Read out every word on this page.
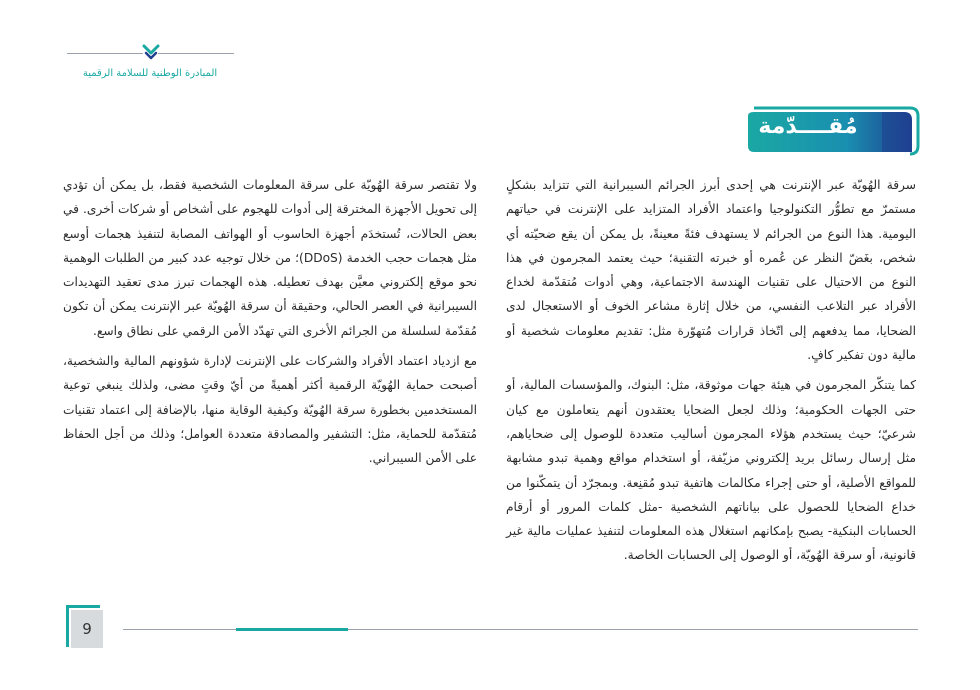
المبادرة الوطنية للسلامة الرقمية
مُقــــدّمة

سرقة الهُويّة عبر الإنترنت هي إحدى أبرز الجرائم السيبرانية التي تتزايد بشكلٍ مستمرّ مع تطوُّر التكنولوجيا واعتماد الأفراد المتزايد على الإنترنت في حياتهم اليومية. هذا النوع من الجرائم لا يستهدف فئةً معينةً، بل يمكن أن يقع ضحيّته أي شخص، بغَضّ النظر عن عُمره أو خبرته التقنية؛ حيث يعتمد المجرمون في هذا النوع من الاحتيال على تقنيات الهندسة الاجتماعية، وهي أدوات مُتقدّمة لخداع الأفراد عبر التلاعب النفسي، من خلال إثارة مشاعر الخوف أو الاستعجال لدى الضحايا، مما يدفعهم إلى اتّخاذ قرارات مُتهوّرة مثل: تقديم معلومات شخصية أو مالية دون تفكير كافٍ.

كما يتنكّر المجرمون في هيئة جهات موثوقة، مثل: البنوك، والمؤسسات المالية، أو حتى الجهات الحكومية؛ وذلك لجعل الضحايا يعتقدون أنهم يتعاملون مع كيان شرعيّ؛ حيث يستخدم هؤلاء المجرمون أساليب متعددة للوصول إلى ضحاياهم، مثل إرسال رسائل بريد إلكتروني مزيّفة، أو استخدام مواقع وهمية تبدو مشابهة للمواقع الأصلية، أو حتى إجراء مكالمات هاتفية تبدو مُقنِعة. وبمجرّد أن يتمكّنوا من خداع الضحايا للحصول على بياناتهم الشخصية -مثل كلمات المرور أو أرقام الحسابات البنكية- يصبح بإمكانهم استغلال هذه المعلومات لتنفيذ عمليات مالية غير قانونية، أو سرقة الهُويّة، أو الوصول إلى الحسابات الخاصة.

ولا تقتصر سرقة الهُويّة على سرقة المعلومات الشخصية فقط، بل يمكن أن تؤدي إلى تحويل الأجهزة المخترقة إلى أدوات للهجوم على أشخاص أو شركات أخرى. في بعض الحالات، تُستخدَم أجهزة الحاسوب أو الهواتف المصابة لتنفيذ هجمات أوسع مثل هجمات حجب الخدمة (DDoS)؛ من خلال توجيه عدد كبير من الطلبات الوهمية نحو موقع إلكتروني معيَّن بهدف تعطيله. هذه الهجمات تبرز مدى تعقيد التهديدات السيبرانية في العصر الحالي، وحقيقة أن سرقة الهُويّة عبر الإنترنت يمكن أن تكون مُقدّمة لسلسلة من الجرائم الأخرى التي تهدّد الأمن الرقمي على نطاق واسع.

مع ازدياد اعتماد الأفراد والشركات على الإنترنت لإدارة شؤونهم المالية والشخصية، أصبحت حماية الهُويّة الرقمية أكثر أهميةً من أيّ وقتٍ مضى، ولذلك ينبغي توعية المستخدمين بخطورة سرقة الهُويّة وكيفية الوقاية منها، بالإضافة إلى اعتماد تقنيات مُتقدّمة للحماية، مثل: التشفير والمصادقة متعددة العوامل؛ وذلك من أجل الحفاظ على الأمن السيبراني.

9
